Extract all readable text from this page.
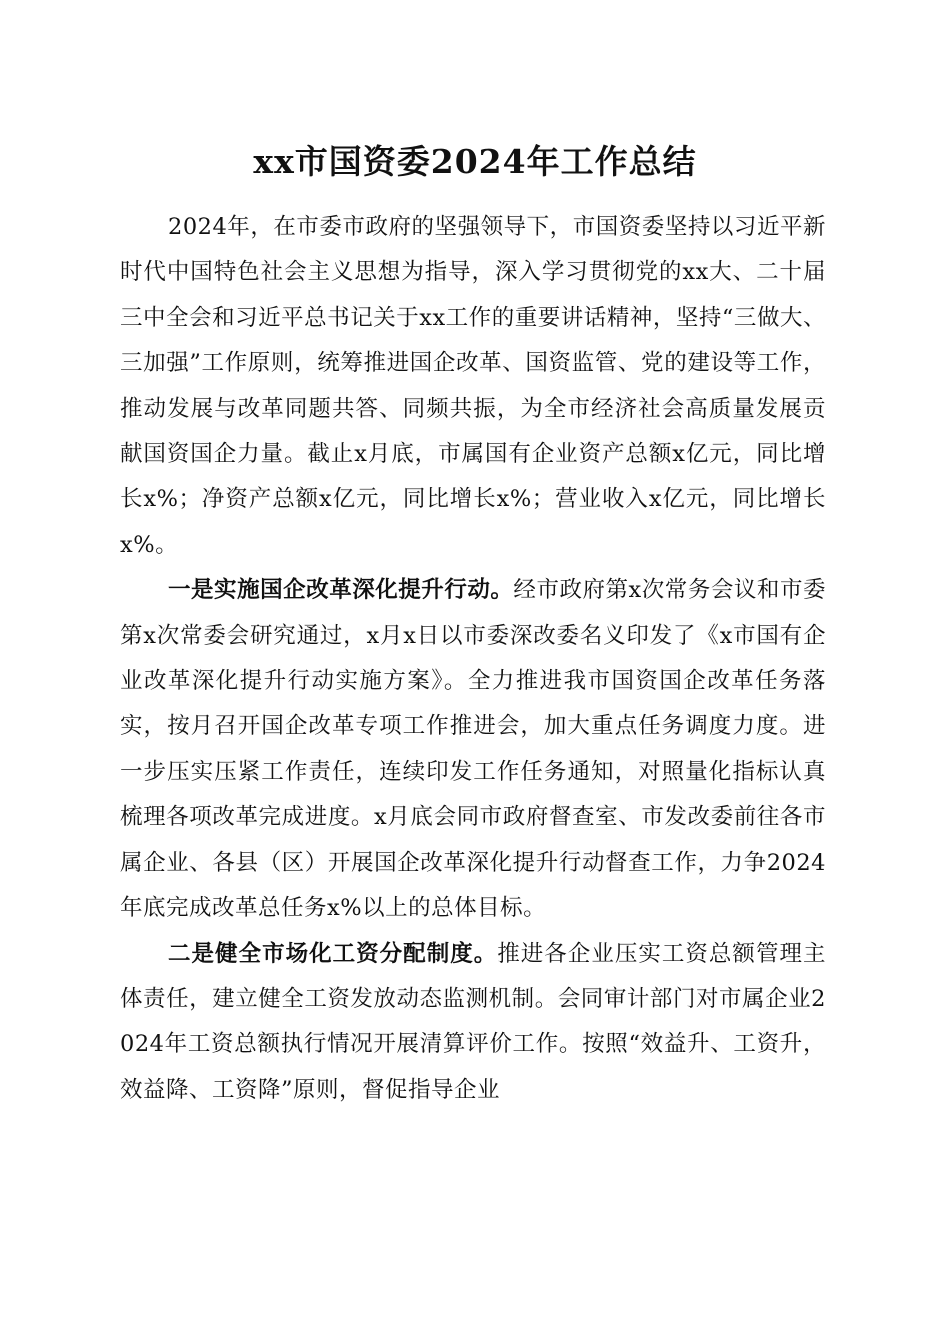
xx市国资委2024年工作总结

2024年，在市委市政府的坚强领导下，市国资委坚持以习近平新时代中国特色社会主义思想为指导，深入学习贯彻党的xx大、二十届三中全会和习近平总书记关于xx工作的重要讲话精神，坚持“三做大、三加强”工作原则，统筹推进国企改革、国资监管、党的建设等工作，推动发展与改革同题共答、同频共振，为全市经济社会高质量发展贡献国资国企力量。截止x月底，市属国有企业资产总额x亿元，同比增长x%；净资产总额x亿元，同比增长x%；营业收入x亿元，同比增长x%。

一是实施国企改革深化提升行动。经市政府第x次常务会议和市委第x次常委会研究通过，x月x日以市委深改委名义印发了《x市国有企业改革深化提升行动实施方案》。全力推进我市国资国企改革任务落实，按月召开国企改革专项工作推进会，加大重点任务调度力度。进一步压实压紧工作责任，连续印发工作任务通知，对照量化指标认真梳理各项改革完成进度。x月底会同市政府督查室、市发改委前往各市属企业、各县（区）开展国企改革深化提升行动督查工作，力争2024年底完成改革总任务x%以上的总体目标。

二是健全市场化工资分配制度。推进各企业压实工资总额管理主体责任，建立健全工资发放动态监测机制。会同审计部门对市属企业2024年工资总额执行情况开展清算评价工作。按照“效益升、工资升，效益降、工资降”原则，督促指导企业
